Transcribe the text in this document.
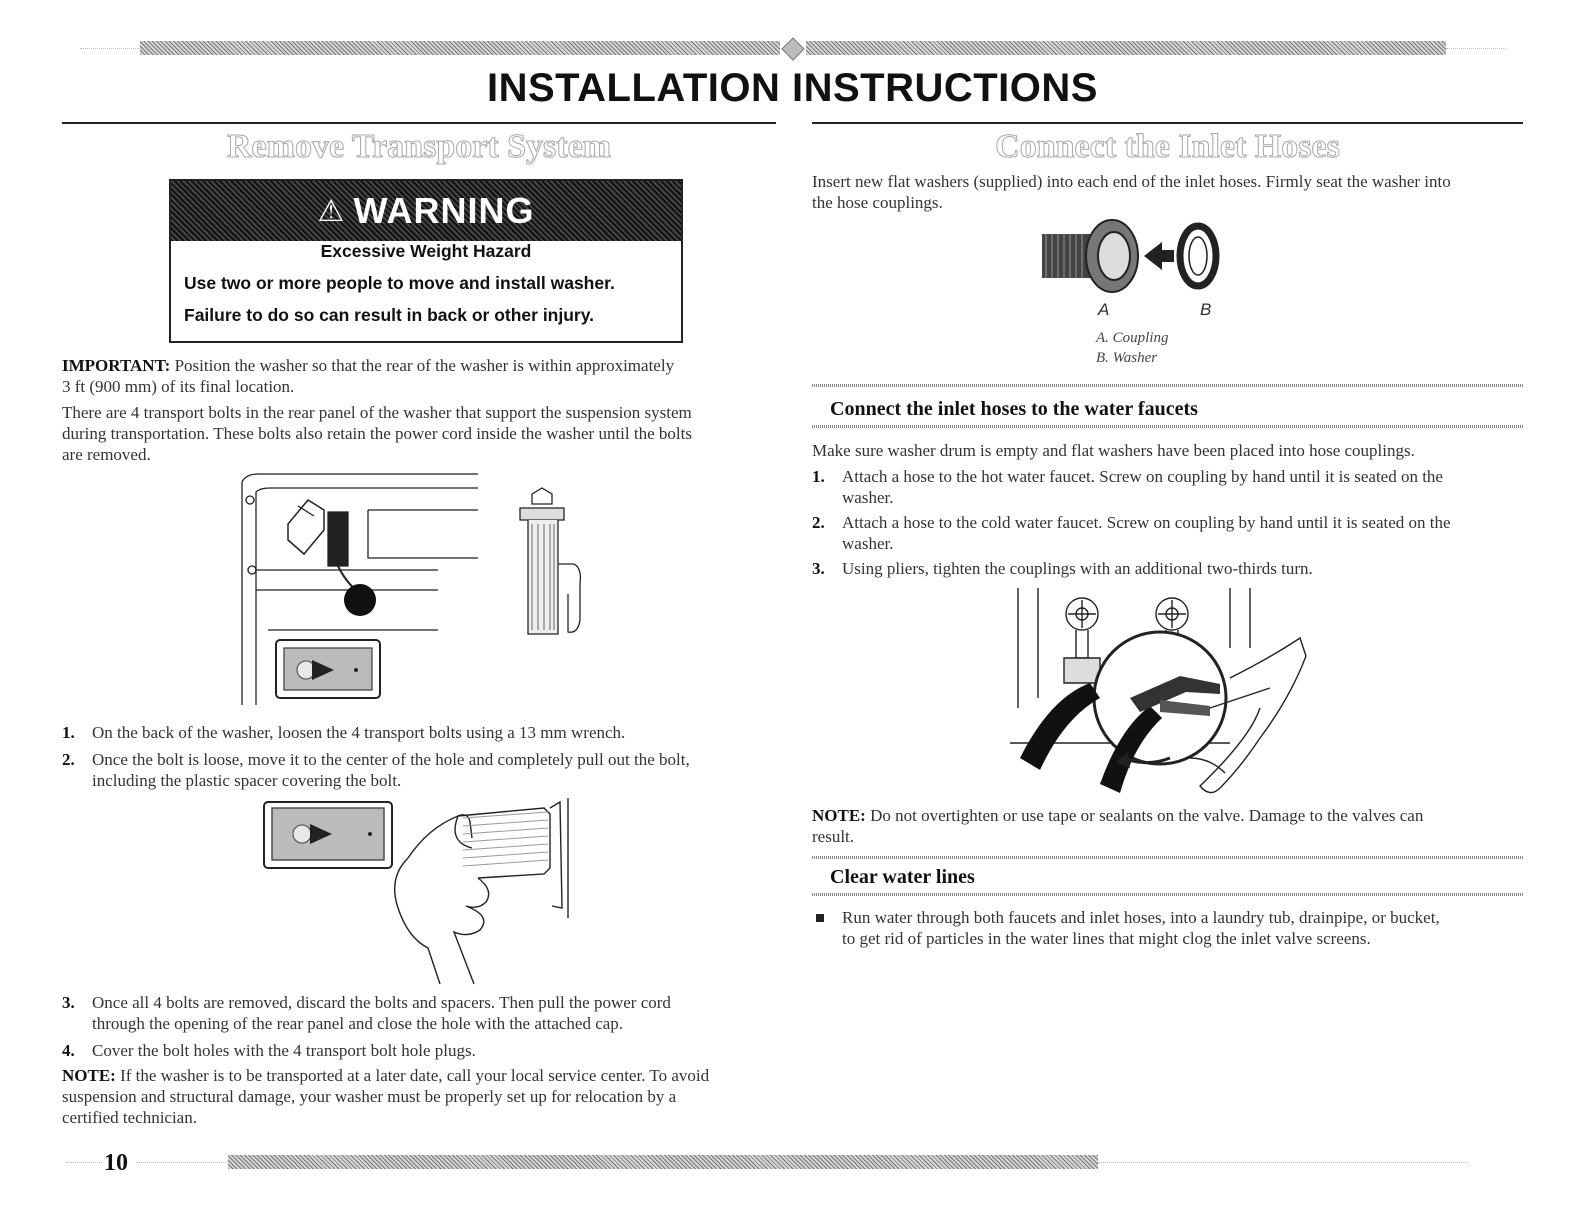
INSTALLATION INSTRUCTIONS
Remove Transport System
⚠ WARNING
Excessive Weight Hazard
Use two or more people to move and install washer.
Failure to do so can result in back or other injury.

IMPORTANT: Position the washer so that the rear of the washer is within approximately
3 ft (900 mm) of its final location.

There are 4 transport bolts in the rear panel of the washer that support the suspension system
during transportation. These bolts also retain the power cord inside the washer until the bolts
are removed.

1.	On the back of the washer, loosen the 4 transport bolts using a 13 mm wrench.
2.	Once the bolt is loose, move it to the center of the hole and completely pull out the bolt,
including the plastic spacer covering the bolt.
3.	Once all 4 bolts are removed, discard the bolts and spacers. Then pull the power cord
through the opening of the rear panel and close the hole with the attached cap.
4.	Cover the bolt holes with the 4 transport bolt hole plugs.

NOTE: If the washer is to be transported at a later date, call your local service center. To avoid
suspension and structural damage, your washer must be properly set up for relocation by a
certified technician.

Connect the Inlet Hoses

Insert new flat washers (supplied) into each end of the inlet hoses. Firmly seat the washer into
the hose couplings.

A	B
A. Coupling
B. Washer
Connect the inlet hoses to the water faucets

Make sure washer drum is empty and flat washers have been placed into hose couplings.

1.	Attach a hose to the hot water faucet. Screw on coupling by hand until it is seated on the
washer.
2.	Attach a hose to the cold water faucet. Screw on coupling by hand until it is seated on the
washer.
3.	Using pliers, tighten the couplings with an additional two-thirds turn.

NOTE: Do not overtighten or use tape or sealants on the valve. Damage to the valves can
result.

Clear water lines

Run water through both faucets and inlet hoses, into a laundry tub, drainpipe, or bucket,
to get rid of particles in the water lines that might clog the inlet valve screens.

10
